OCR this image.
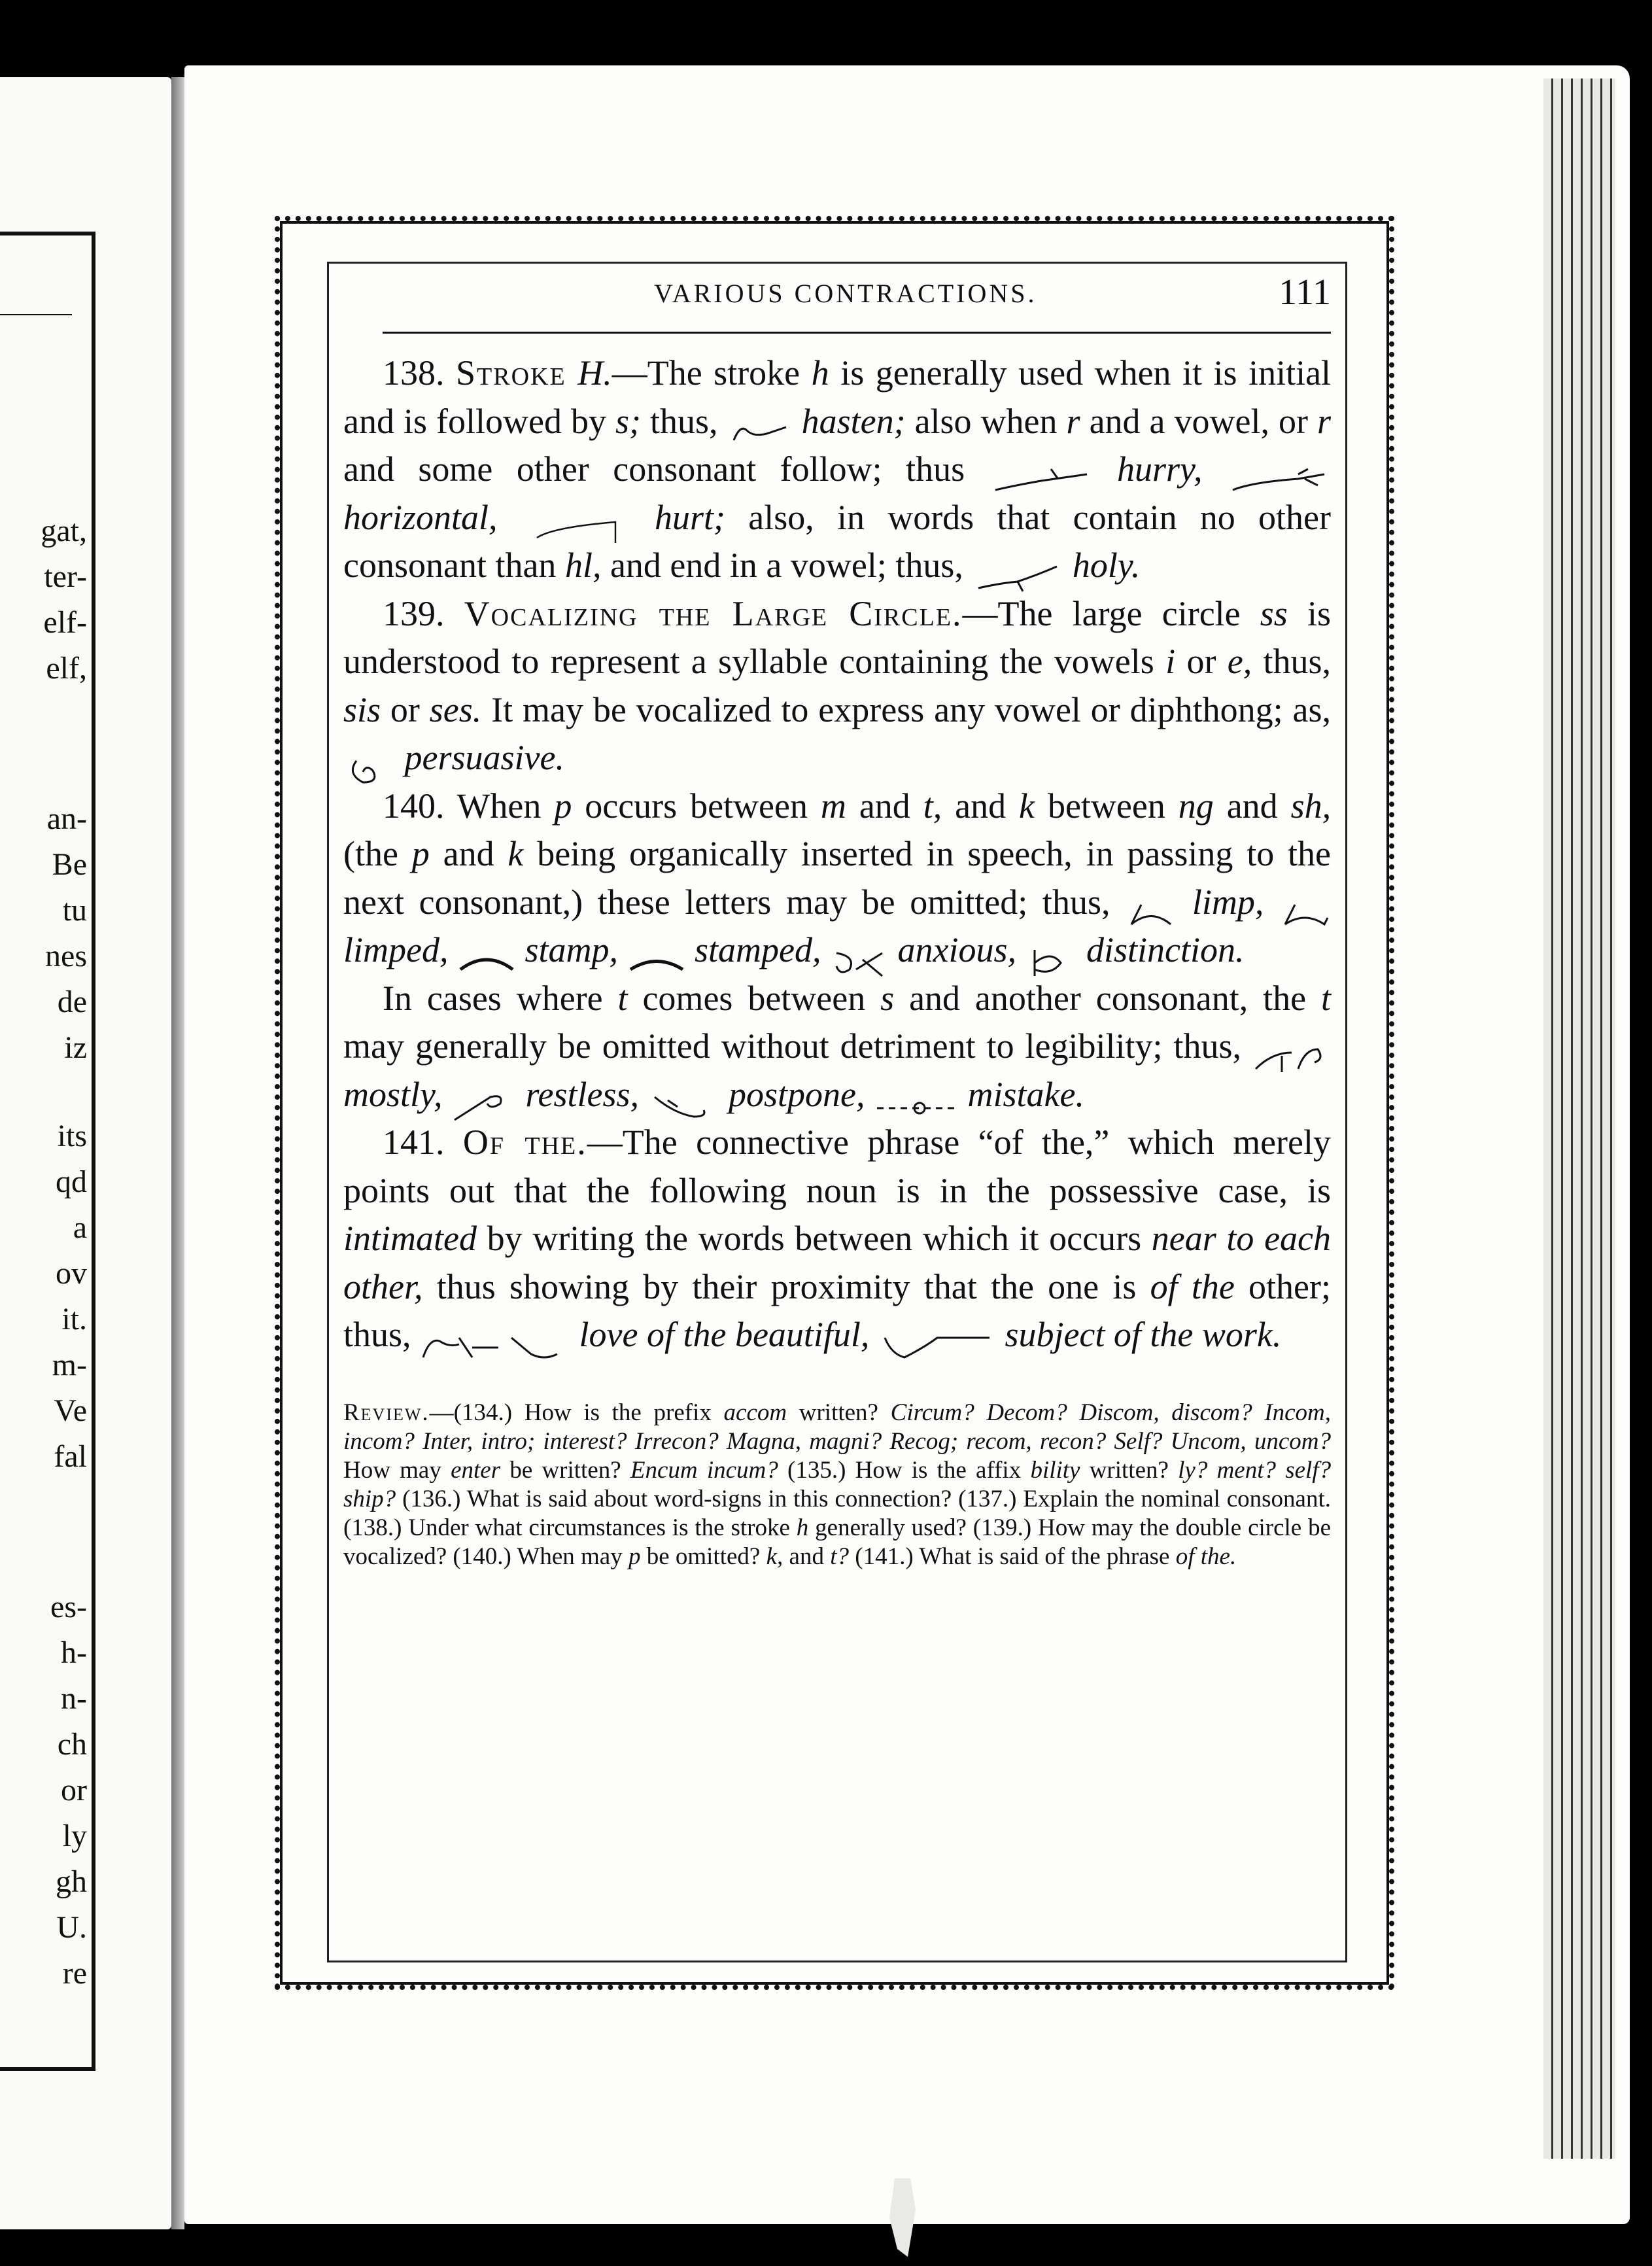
gat,
ter-
elf-
elf,
an-
Be
tu
nes
de
iz
its
qd
a
ov
it.
m-
Ve
fal
es-
h-
n-
ch
or
ly
gh
U.
re
VARIOUS CONTRACTIONS.	111

138. Stroke H.—The stroke h is generally used when it is initial and is followed by s; thus, hasten; also when r and a vowel, or r and some other consonant follow; thus	hurry,  horizontal,	hurt; also, in words that contain no other consonant than hl, and end in a vowel; thus,	holy.

139. Vocalizing the Large Circle.—The large circle ss is understood to represent a syllable containing the vowels i or e, thus, sis or ses. It may be vocalized to express any vowel or diphthong; as,  persuasive.

140. When p occurs between m and t, and k between ng and sh, (the p and k being organically inserted in speech, in passing to the next consonant,) these letters may be omitted; thus, limp,  limped, stamp, stamped, anxious, distinction.

In cases where t comes between s and another consonant, the t may generally be omitted without detriment to legibility; thus,  mostly, restless,	postpone,	mistake.

141. Of the.—The connective phrase “of the,” which merely points out that the following noun is in the possessive case, is intimated by writing the words between which it occurs near to each other, thus showing by their proximity that the one is of the other; thus,	love of the beautiful,	subject of the work.

Review.—(134.) How is the prefix accom written? Circum? Decom? Discom, discom? Incom, incom? Inter, intro; interest? Irrecon? Magna, magni? Recog; recom, recon? Self? Uncom, uncom? How may enter be written? Encum incum? (135.) How is the affix bility written? ly? ment? self? ship? (136.) What is said about word-signs in this connection? (137.) Explain the nominal consonant. (138.) Under what circumstances is the stroke h generally used? (139.) How may the double circle be vocalized? (140.) When may p be omitted? k, and t? (141.) What is said of the phrase of the.
